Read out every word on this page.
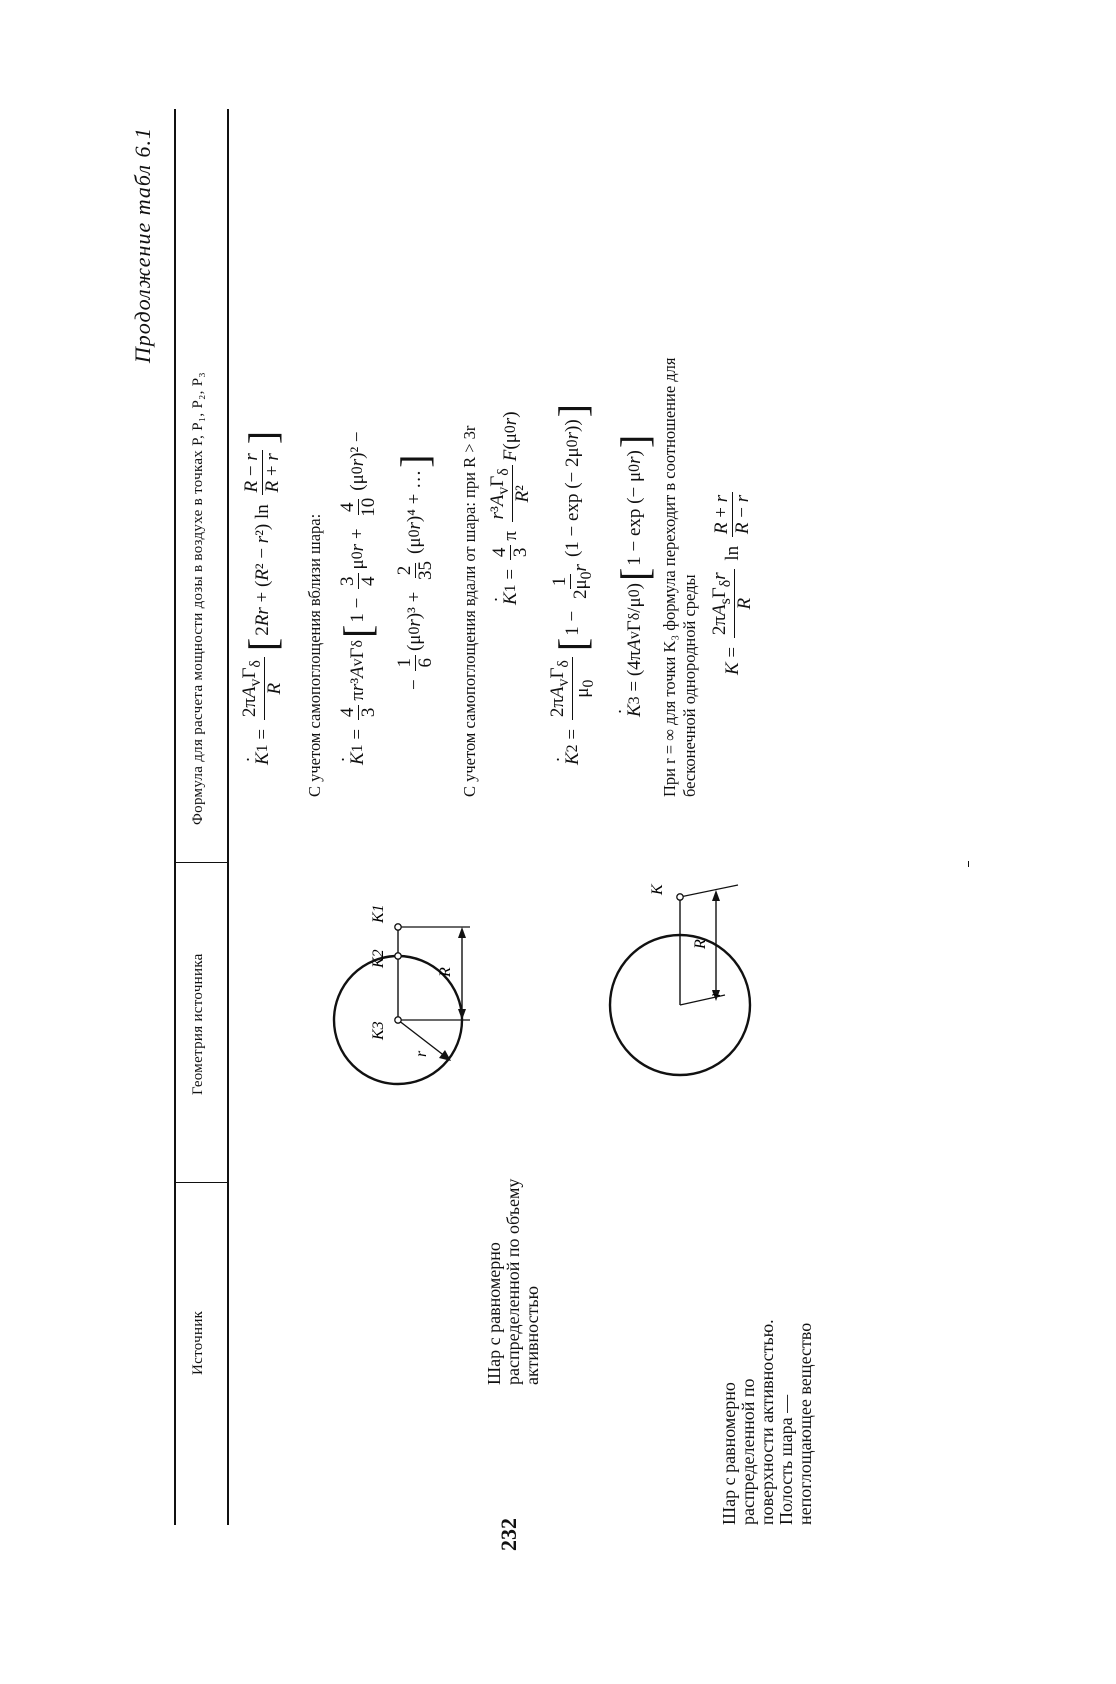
Продолжение табл 6.1
Источник
Геометрия источника
Формула для расчета мощности дозы в воздухе в точках P, P₁, P₂, P₃
Шар с равномерно распределенной по объему активностью
Шар с равномерно распределенной по поверхности активностью. Полость шара — непоглощающее вещество
232
K3
K2
K1
r
R
K
r
R
K ·
1
=
$2\pi A_v\Gamma_\delta$
R
[
2
Rr
+ (
R
² −
r
²) ln
R − r
R + r
]
С учетом самопоглощения вблизи шара: K ·
1
=
4 3
π
r
³
A
v
Γ
δ
[
1 −
3 4
μ
0
r
+
4 10
(μ
0
r
)² −
−
1 6
(μ
0
r
)³ +
2 35
(μ
0
r
)⁴ + …
] С учетом самопоглощения вдали от шара: при R > 3r K ·
1
=
4 3
π
$r^3A_v\Gamma_\delta$
R²
F
(μ
0
r
)
K ·
2
=
$2\pi A_v\Gamma_\delta$
$\mu_0$
[
1 −
1 $2\mu_0r$
(1 − exp (− 2μ
0
r
))
]
K ·
3
= (4π
A
v
Γ
δ
/μ
0
)
[
1 − exp (− μ
0
r
)
] При r = ∞ для точки K₃ формула переходит в соотношение для бесконечной однородной среды K
=
$2\pi A_s\Gamma_\delta r$
R
ln
R + r
R − r
